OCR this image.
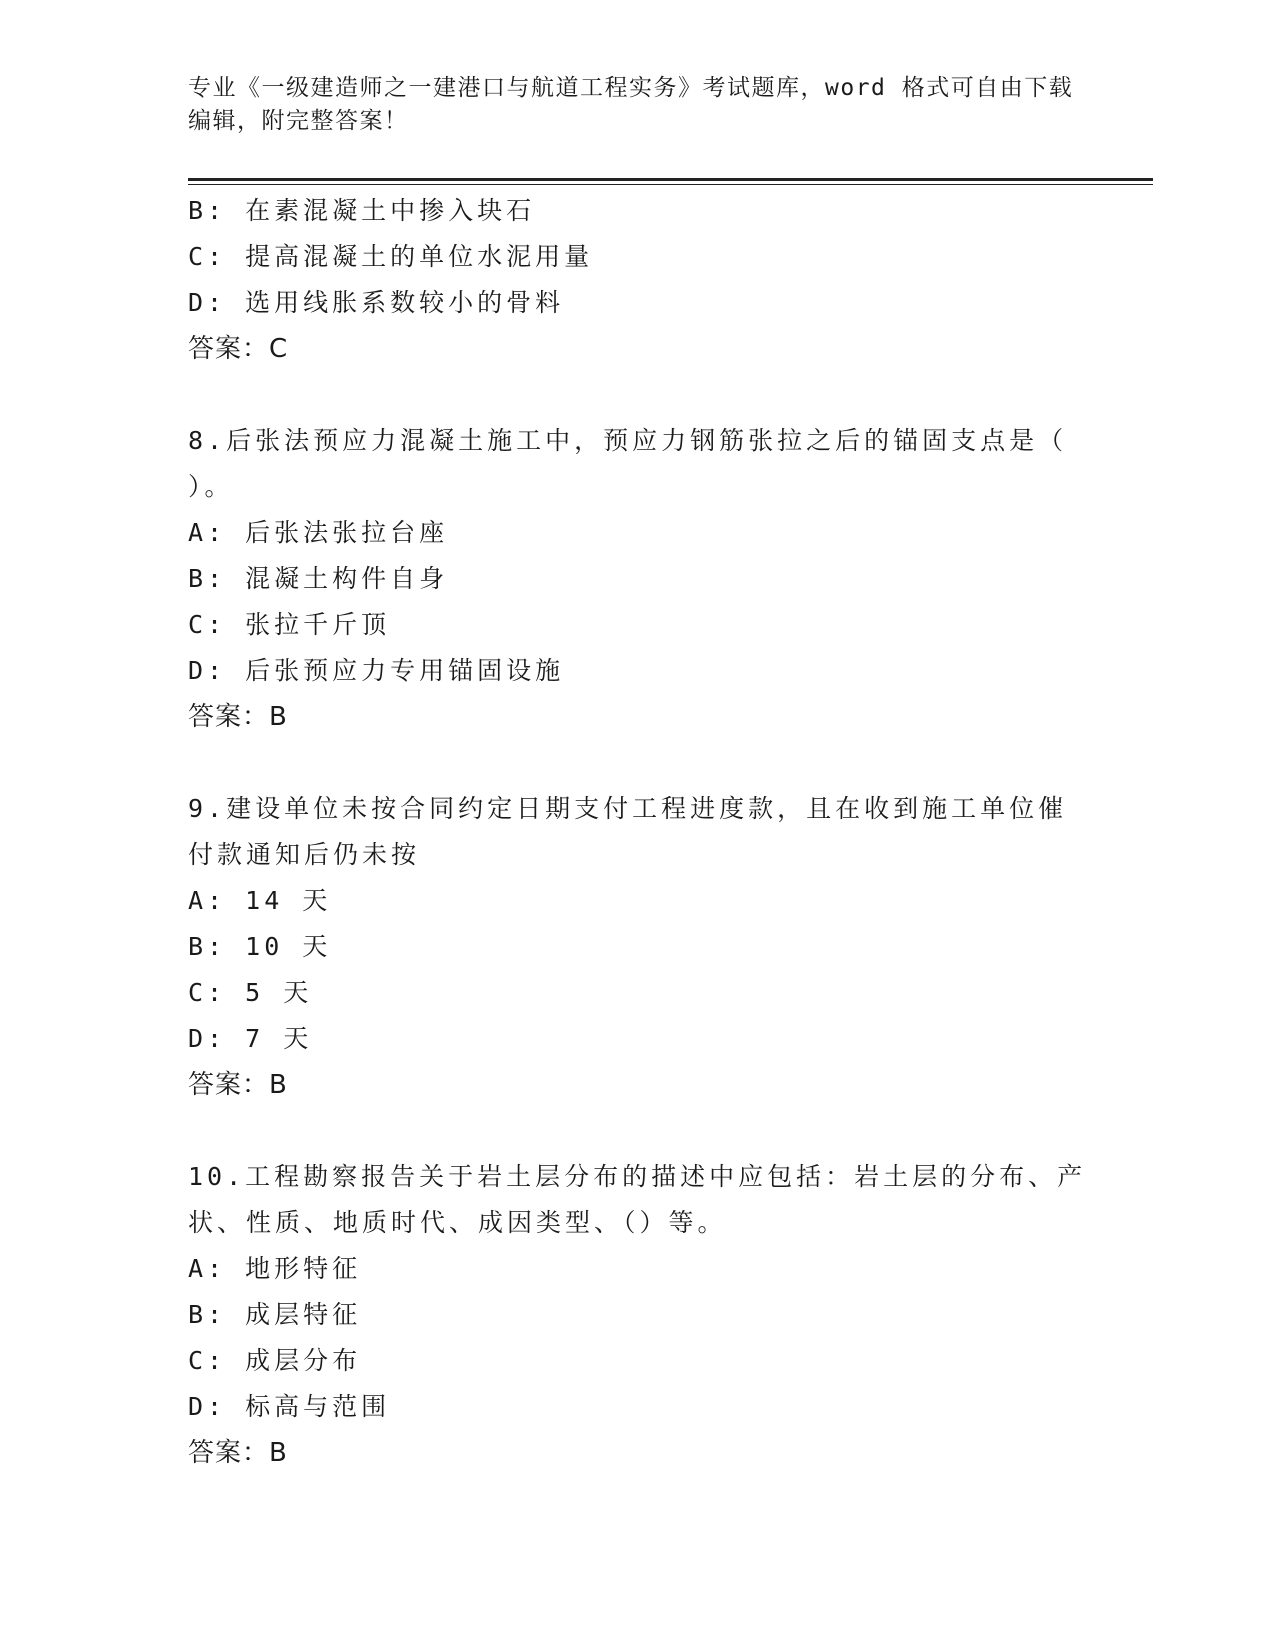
专业《一级建造师之一建港口与航道工程实务》考试题库，word 格式可自由下载
编辑，附完整答案！
B: 在素混凝土中掺入块石
C: 提高混凝土的单位水泥用量
D: 选用线胀系数较小的骨料
答案：C
8.后张法预应力混凝土施工中，预应力钢筋张拉之后的锚固支点是（
）。
A: 后张法张拉台座
B: 混凝土构件自身
C: 张拉千斤顶
D: 后张预应力专用锚固设施
答案：B
9.建设单位未按合同约定日期支付工程进度款，且在收到施工单位催
付款通知后仍未按
A: 14 天
B: 10 天
C: 5 天
D: 7 天
答案：B
10.工程勘察报告关于岩土层分布的描述中应包括：岩土层的分布、产
状、性质、地质时代、成因类型、（）等。
A: 地形特征
B: 成层特征
C: 成层分布
D: 标高与范围
答案：B
